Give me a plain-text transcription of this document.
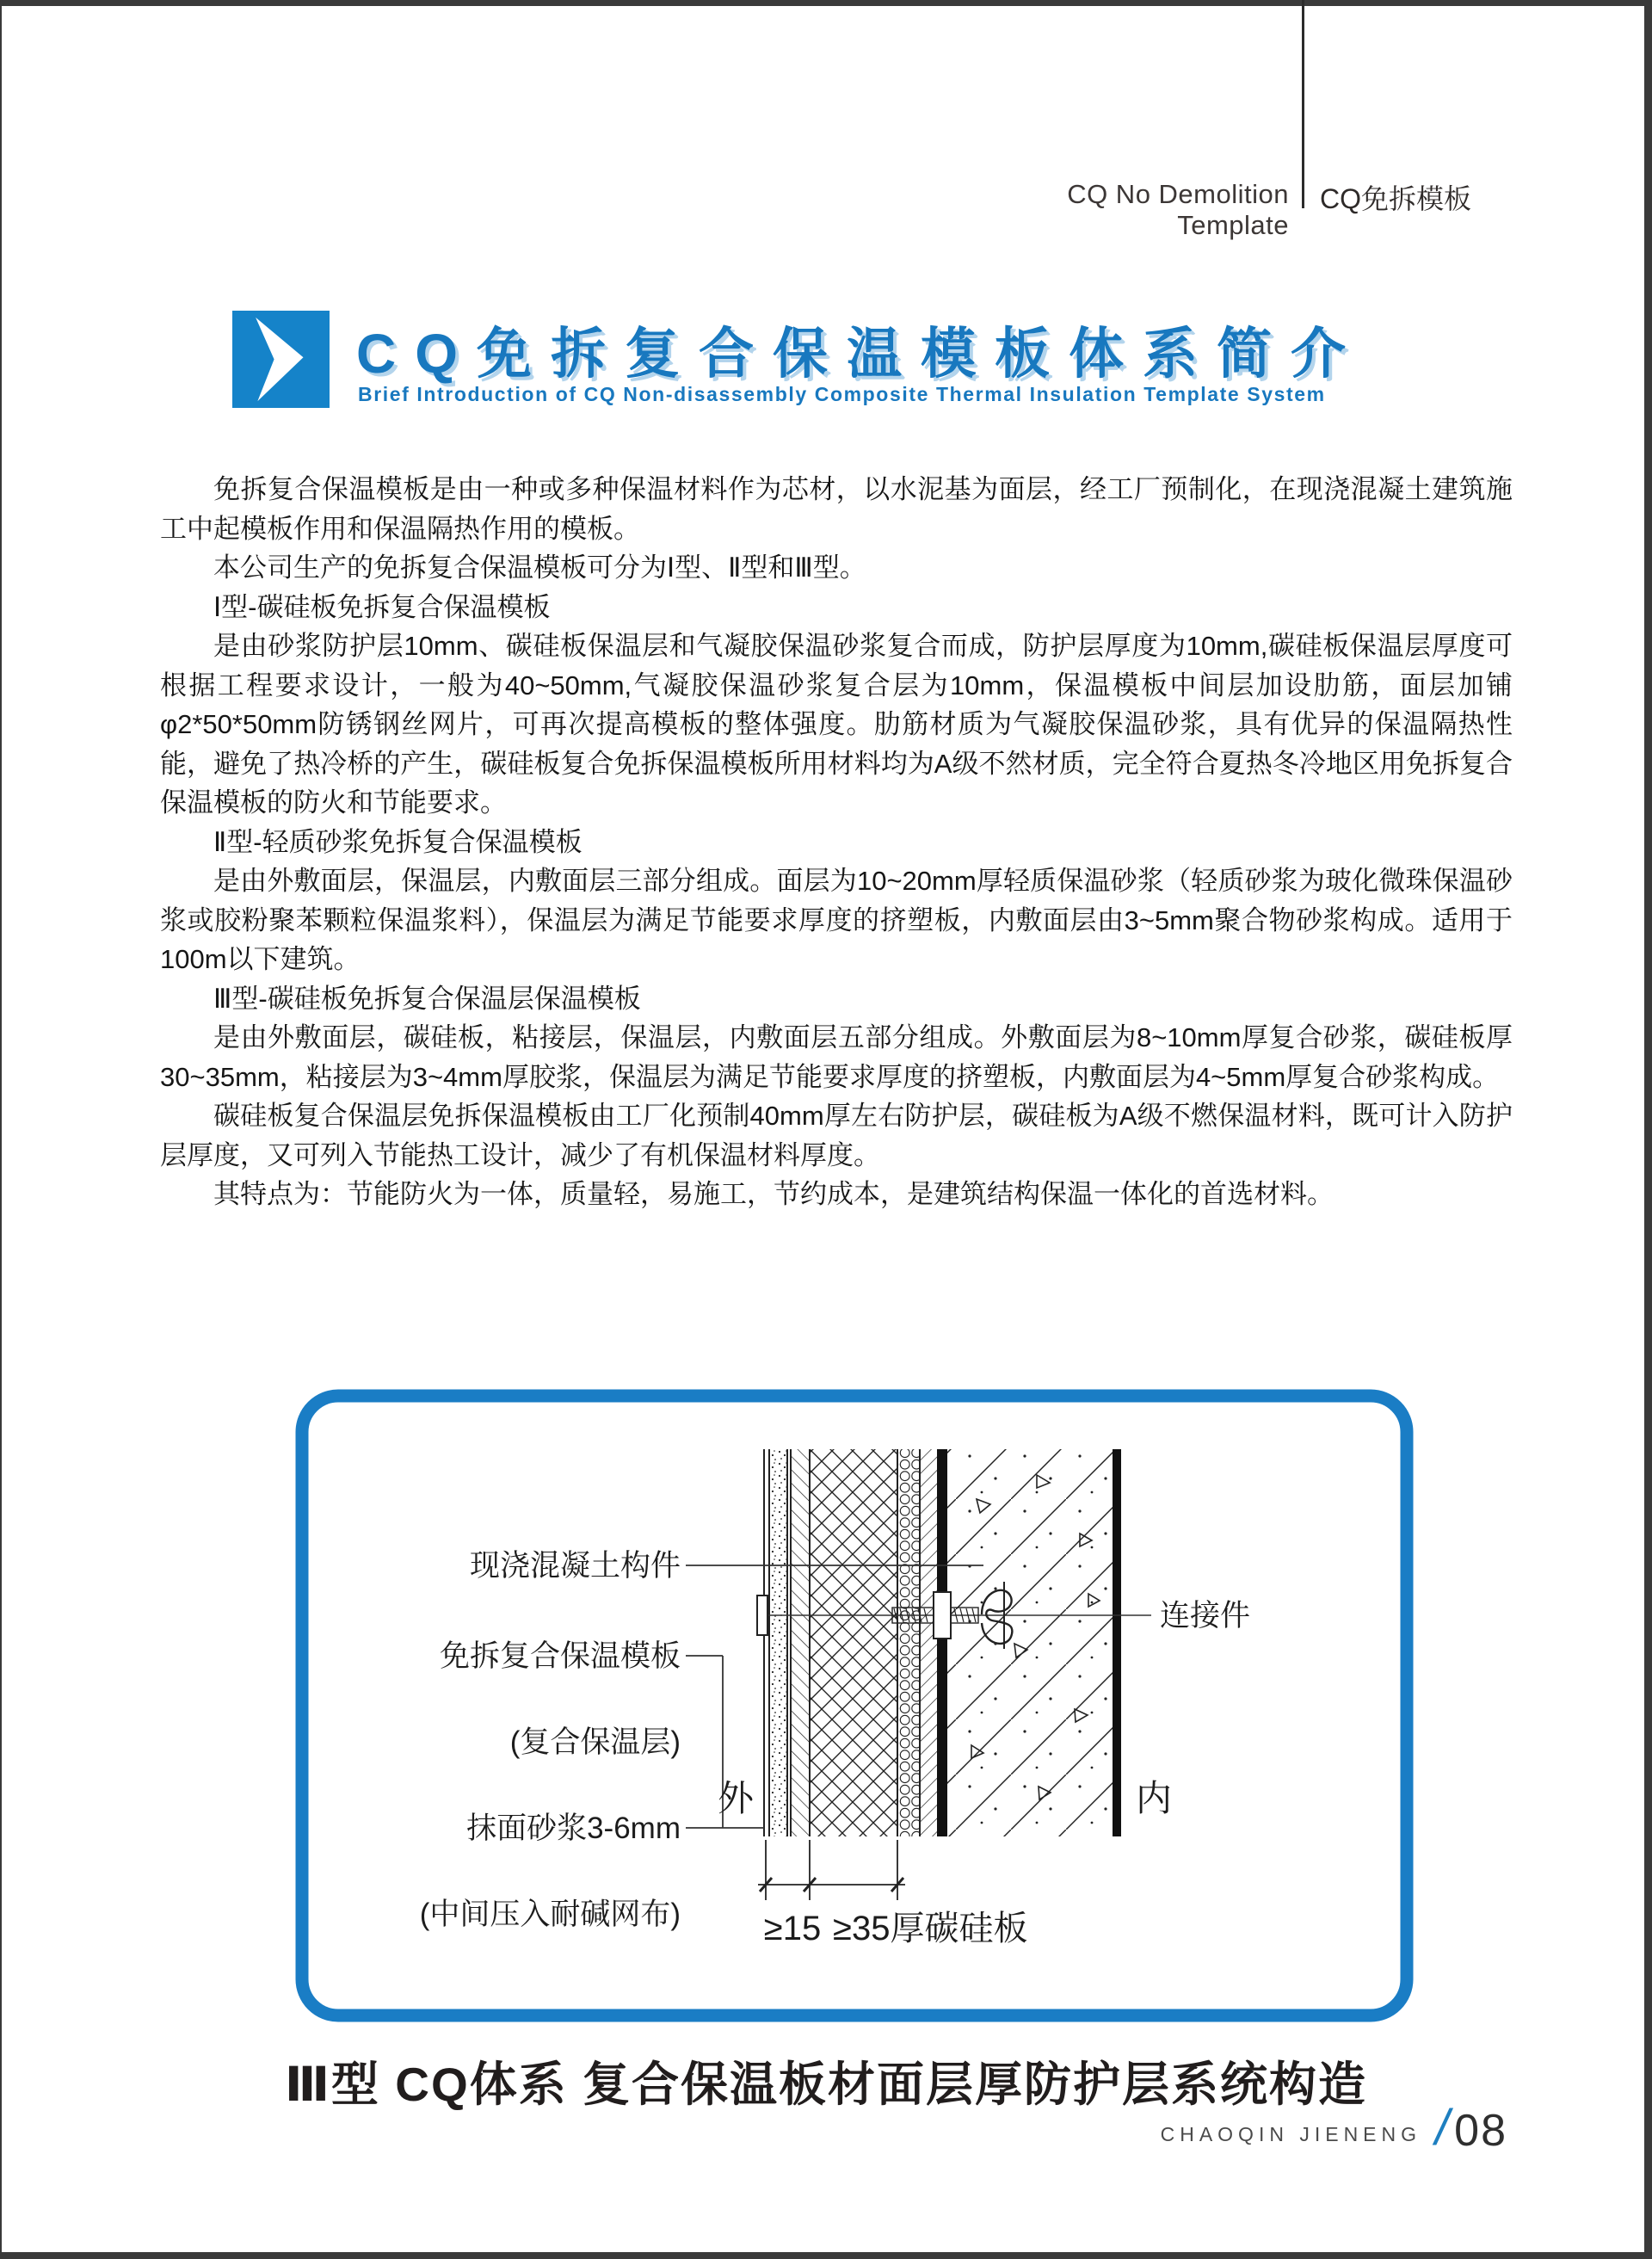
CQ No Demolition Template
CQ免拆模板
CQ免拆复合保温模板体系简介
Brief Introduction of CQ Non-disassembly Composite Thermal Insulation Template System

免拆复合保温模板是由一种或多种保温材料作为芯材，以水泥基为面层，经工厂预制化，在现浇混凝土建筑施工中起模板作用和保温隔热作用的模板。

本公司生产的免拆复合保温模板可分为Ⅰ型、Ⅱ型和Ⅲ型。

Ⅰ型-碳硅板免拆复合保温模板

是由砂浆防护层10mm、碳硅板保温层和气凝胶保温砂浆复合而成，防护层厚度为10mm,碳硅板保温层厚度可根据工程要求设计，一般为40~50mm,气凝胶保温砂浆复合层为10mm，保温模板中间层加设肋筋，面层加铺φ2*50*50mm防锈钢丝网片，可再次提高模板的整体强度。肋筋材质为气凝胶保温砂浆，具有优异的保温隔热性能，避免了热冷桥的产生，碳硅板复合免拆保温模板所用材料均为A级不然材质，完全符合夏热冬冷地区用免拆复合保温模板的防火和节能要求。

Ⅱ型-轻质砂浆免拆复合保温模板

是由外敷面层，保温层，内敷面层三部分组成。面层为10~20mm厚轻质保温砂浆（轻质砂浆为玻化微珠保温砂浆或胶粉聚苯颗粒保温浆料），保温层为满足节能要求厚度的挤塑板，内敷面层由3~5mm聚合物砂浆构成。适用于100m以下建筑。

Ⅲ型-碳硅板免拆复合保温层保温模板

是由外敷面层，碳硅板，粘接层，保温层，内敷面层五部分组成。外敷面层为8~10mm厚复合砂浆，碳硅板厚30~35mm，粘接层为3~4mm厚胶浆，保温层为满足节能要求厚度的挤塑板，内敷面层为4~5mm厚复合砂浆构成。

碳硅板复合保温层免拆保温模板由工厂化预制40mm厚左右防护层，碳硅板为A级不燃保温材料，既可计入防护层厚度，又可列入节能热工设计，减少了有机保温材料厚度。

其特点为：节能防火为一体，质量轻，易施工，节约成本，是建筑结构保温一体化的首选材料。

现浇混凝土构件
免拆复合保温模板
(复合保温层)
抹面砂浆3-6mm
(中间压入耐碱网布)
连接件
外	内
≥15 ≥35厚碳硅板
Ⅲ型 CQ体系 复合保温板材面层厚防护层系统构造
CHAOQIN JIENENG / 08
